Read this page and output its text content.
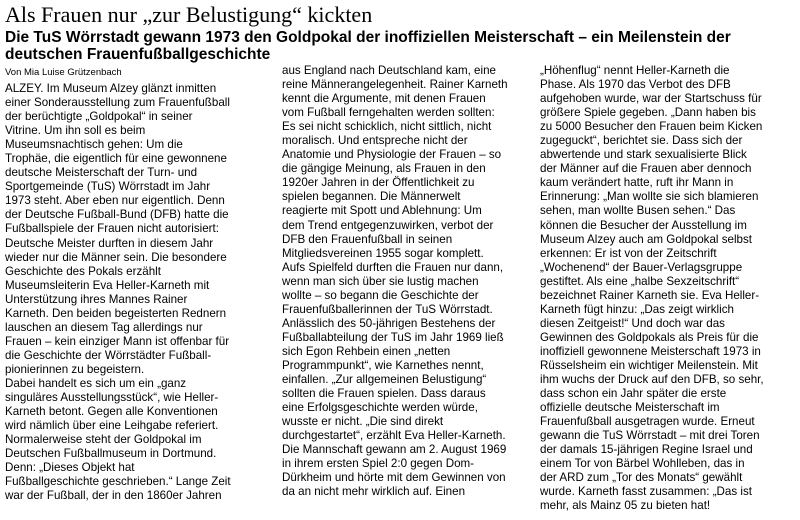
Als Frauen nur „zur Belustigung“ kickten
Die TuS Wörrstadt gewann 1973 den Goldpokal der inoffiziellen Meisterschaft – ein Meilenstein der deutschen Frauenfußballgeschichte
Von Mia Luise Grützenbach
ALZEY. Im Museum Alzey glänzt inmitten
einer Sonderausstellung zum Frauenfußball
der berüchtigte „Goldpokal“ in seiner
Vitrine. Um ihn soll es beim
Museumsnachtisch gehen: Um die
Trophäe, die eigentlich für eine gewonnene
deutsche Meisterschaft der Turn- und
Sportgemeinde (TuS) Wörrstadt im Jahr
1973 steht. Aber eben nur eigentlich. Denn
der Deutsche Fußball-Bund (DFB) hatte die
Fußballspiele der Frauen nicht autorisiert:
Deutsche Meister durften in diesem Jahr
wieder nur die Männer sein. Die besondere
Geschichte des Pokals erzählt
Museumsleiterin Eva Heller-Karneth mit
Unterstützung ihres Mannes Rainer
Karneth. Den beiden begeisterten Rednern
lauschen an diesem Tag allerdings nur
Frauen – kein einziger Mann ist offenbar für
die Geschichte der Wörrstädter Fußball-
pionierinnen zu begeistern.
Dabei handelt es sich um ein „ganz
singuläres Ausstellungsstück“, wie Heller-
Karneth betont. Gegen alle Konventionen
wird nämlich über eine Leihgabe referiert.
Normalerweise steht der Goldpokal im
Deutschen Fußballmuseum in Dortmund.
Denn: „Dieses Objekt hat
Fußballgeschichte geschrieben.“ Lange Zeit
war der Fußball, der in den 1860er Jahren
aus England nach Deutschland kam, eine
reine Männerangelegenheit. Rainer Karneth
kennt die Argumente, mit denen Frauen
vom Fußball ferngehalten werden sollten:
Es sei nicht schicklich, nicht sittlich, nicht
moralisch. Und entspreche nicht der
Anatomie und Physiologie der Frauen – so
die gängige Meinung, als Frauen in den
1920er Jahren in der Öffentlichkeit zu
spielen begannen. Die Männerwelt
reagierte mit Spott und Ablehnung: Um
dem Trend entgegenzuwirken, verbot der
DFB den Frauenfußball in seinen
Mitgliedsvereinen 1955 sogar komplett.
Aufs Spielfeld durften die Frauen nur dann,
wenn man sich über sie lustig machen
wollte – so begann die Geschichte der
Frauenfußballerinnen der TuS Wörrstadt.
Anlässlich des 50-jährigen Bestehens der
Fußballabteilung der TuS im Jahr 1969 ließ
sich Egon Rehbein einen „netten
Programmpunkt“, wie Karnethes nennt,
einfallen. „Zur allgemeinen Belustigung“
sollten die Frauen spielen. Dass daraus
eine Erfolgsgeschichte werden würde,
wusste er nicht. „Die sind direkt
durchgestartet“, erzählt Eva Heller-Karneth.
Die Mannschaft gewann am 2. August 1969
in ihrem ersten Spiel 2:0 gegen Dom-
Dürkheim und hörte mit dem Gewinnen von
da an nicht mehr wirklich auf. Einen
„Höhenflug“ nennt Heller-Karneth die
Phase. Als 1970 das Verbot des DFB
aufgehoben wurde, war der Startschuss für
größere Spiele gegeben. „Dann haben bis
zu 5000 Besucher den Frauen beim Kicken
zugeguckt“, berichtet sie. Dass sich der
abwertende und stark sexualisierte Blick
der Männer auf die Frauen aber dennoch
kaum verändert hatte, ruft ihr Mann in
Erinnerung: „Man wollte sie sich blamieren
sehen, man wollte Busen sehen.“ Das
können die Besucher der Ausstellung im
Museum Alzey auch am Goldpokal selbst
erkennen: Er ist von der Zeitschrift
„Wochenend“ der Bauer-Verlagsgruppe
gestiftet. Als eine „halbe Sexzeitschrift“
bezeichnet Rainer Karneth sie. Eva Heller-
Karneth fügt hinzu: „Das zeigt wirklich
diesen Zeitgeist!“ Und doch war das
Gewinnen des Goldpokals als Preis für die
inoffiziell gewonnene Meisterschaft 1973 in
Rüsselsheim ein wichtiger Meilenstein. Mit
ihm wuchs der Druck auf den DFB, so sehr,
dass schon ein Jahr später die erste
offizielle deutsche Meisterschaft im
Frauenfußball ausgetragen wurde. Erneut
gewann die TuS Wörrstadt – mit drei Toren
der damals 15-jährigen Regine Israel und
einem Tor von Bärbel Wohlleben, das in
der ARD zum „Tor des Monats“ gewählt
wurde. Karneth fasst zusammen: „Das ist
mehr, als Mainz 05 zu bieten hat!
